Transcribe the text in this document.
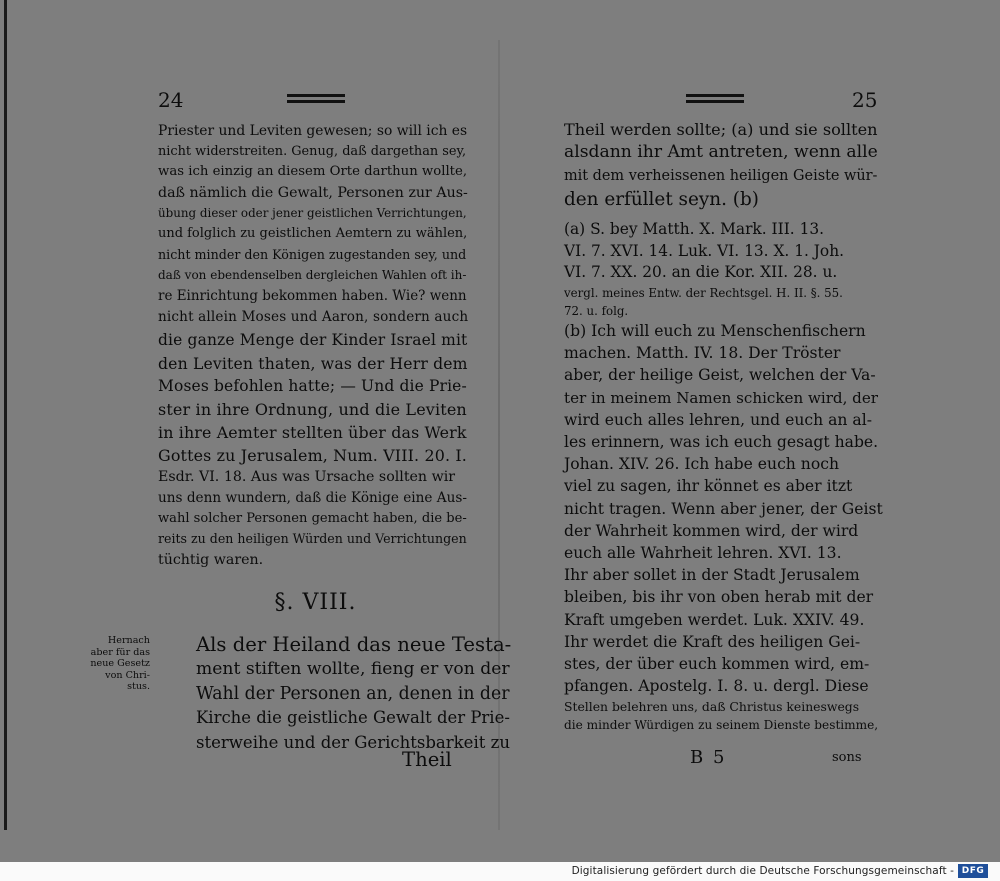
24
Priester und Leviten gewesen; so will ich es
nicht widerstreiten. Genug, daß dargethan sey,
was ich einzig an diesem Orte darthun wollte,
daß nämlich die Gewalt, Personen zur Aus-
übung dieser oder jener geistlichen Verrichtungen,
und folglich zu geistlichen Aemtern zu wählen,
nicht minder den Königen zugestanden sey, und
daß von ebendenselben dergleichen Wahlen oft ih-
re Einrichtung bekommen haben. Wie? wenn
nicht allein Moses und Aaron, sondern auch
die ganze Menge der Kinder Israel mit
den Leviten thaten, was der Herr dem
Moses befohlen hatte; — Und die Prie-
ster in ihre Ordnung, und die Leviten
in ihre Aemter stellten über das Werk
Gottes zu Jerusalem, Num. VIII. 20. I.
Esdr. VI. 18. Aus was Ursache sollten wir
uns denn wundern, daß die Könige eine Aus-
wahl solcher Personen gemacht haben, die be-
reits zu den heiligen Würden und Verrichtungen
tüchtig waren.
§. VIII.
Hernach
aber für das
neue Gesetz
von Chri-
stus.
Als der Heiland das neue Testa-
ment stiften wollte, fieng er von der
Wahl der Personen an, denen in der
Kirche die geistliche Gewalt der Prie-
sterweihe und der Gerichtsbarkeit zu
Theil
25
Theil werden sollte; (a) und sie sollten
alsdann ihr Amt antreten, wenn alle
mit dem verheissenen heiligen Geiste wür-
den erfüllet seyn. (b)
(a) S. bey Matth. X. Mark. III. 13.
VI. 7. XVI. 14. Luk. VI. 13. X. 1. Joh.
VI. 7. XX. 20. an die Kor. XII. 28. u.
vergl. meines Entw. der Rechtsgel. H. II. §. 55.
72. u. folg.
(b) Ich will euch zu Menschenfischern
machen. Matth. IV. 18. Der Tröster
aber, der heilige Geist, welchen der Va-
ter in meinem Namen schicken wird, der
wird euch alles lehren, und euch an al-
les erinnern, was ich euch gesagt habe.
Johan. XIV. 26. Ich habe euch noch
viel zu sagen, ihr könnet es aber itzt
nicht tragen. Wenn aber jener, der Geist
der Wahrheit kommen wird, der wird
euch alle Wahrheit lehren. XVI. 13.
Ihr aber sollet in der Stadt Jerusalem
bleiben, bis ihr von oben herab mit der
Kraft umgeben werdet. Luk. XXIV. 49.
Ihr werdet die Kraft des heiligen Gei-
stes, der über euch kommen wird, em-
pfangen. Apostelg. I. 8. u. dergl. Diese
Stellen belehren uns, daß Christus keineswegs
die minder Würdigen zu seinem Dienste bestimme,
B 5	sons
Digitalisierung gefördert durch die Deutsche Forschungsgemeinschaft - DFG
